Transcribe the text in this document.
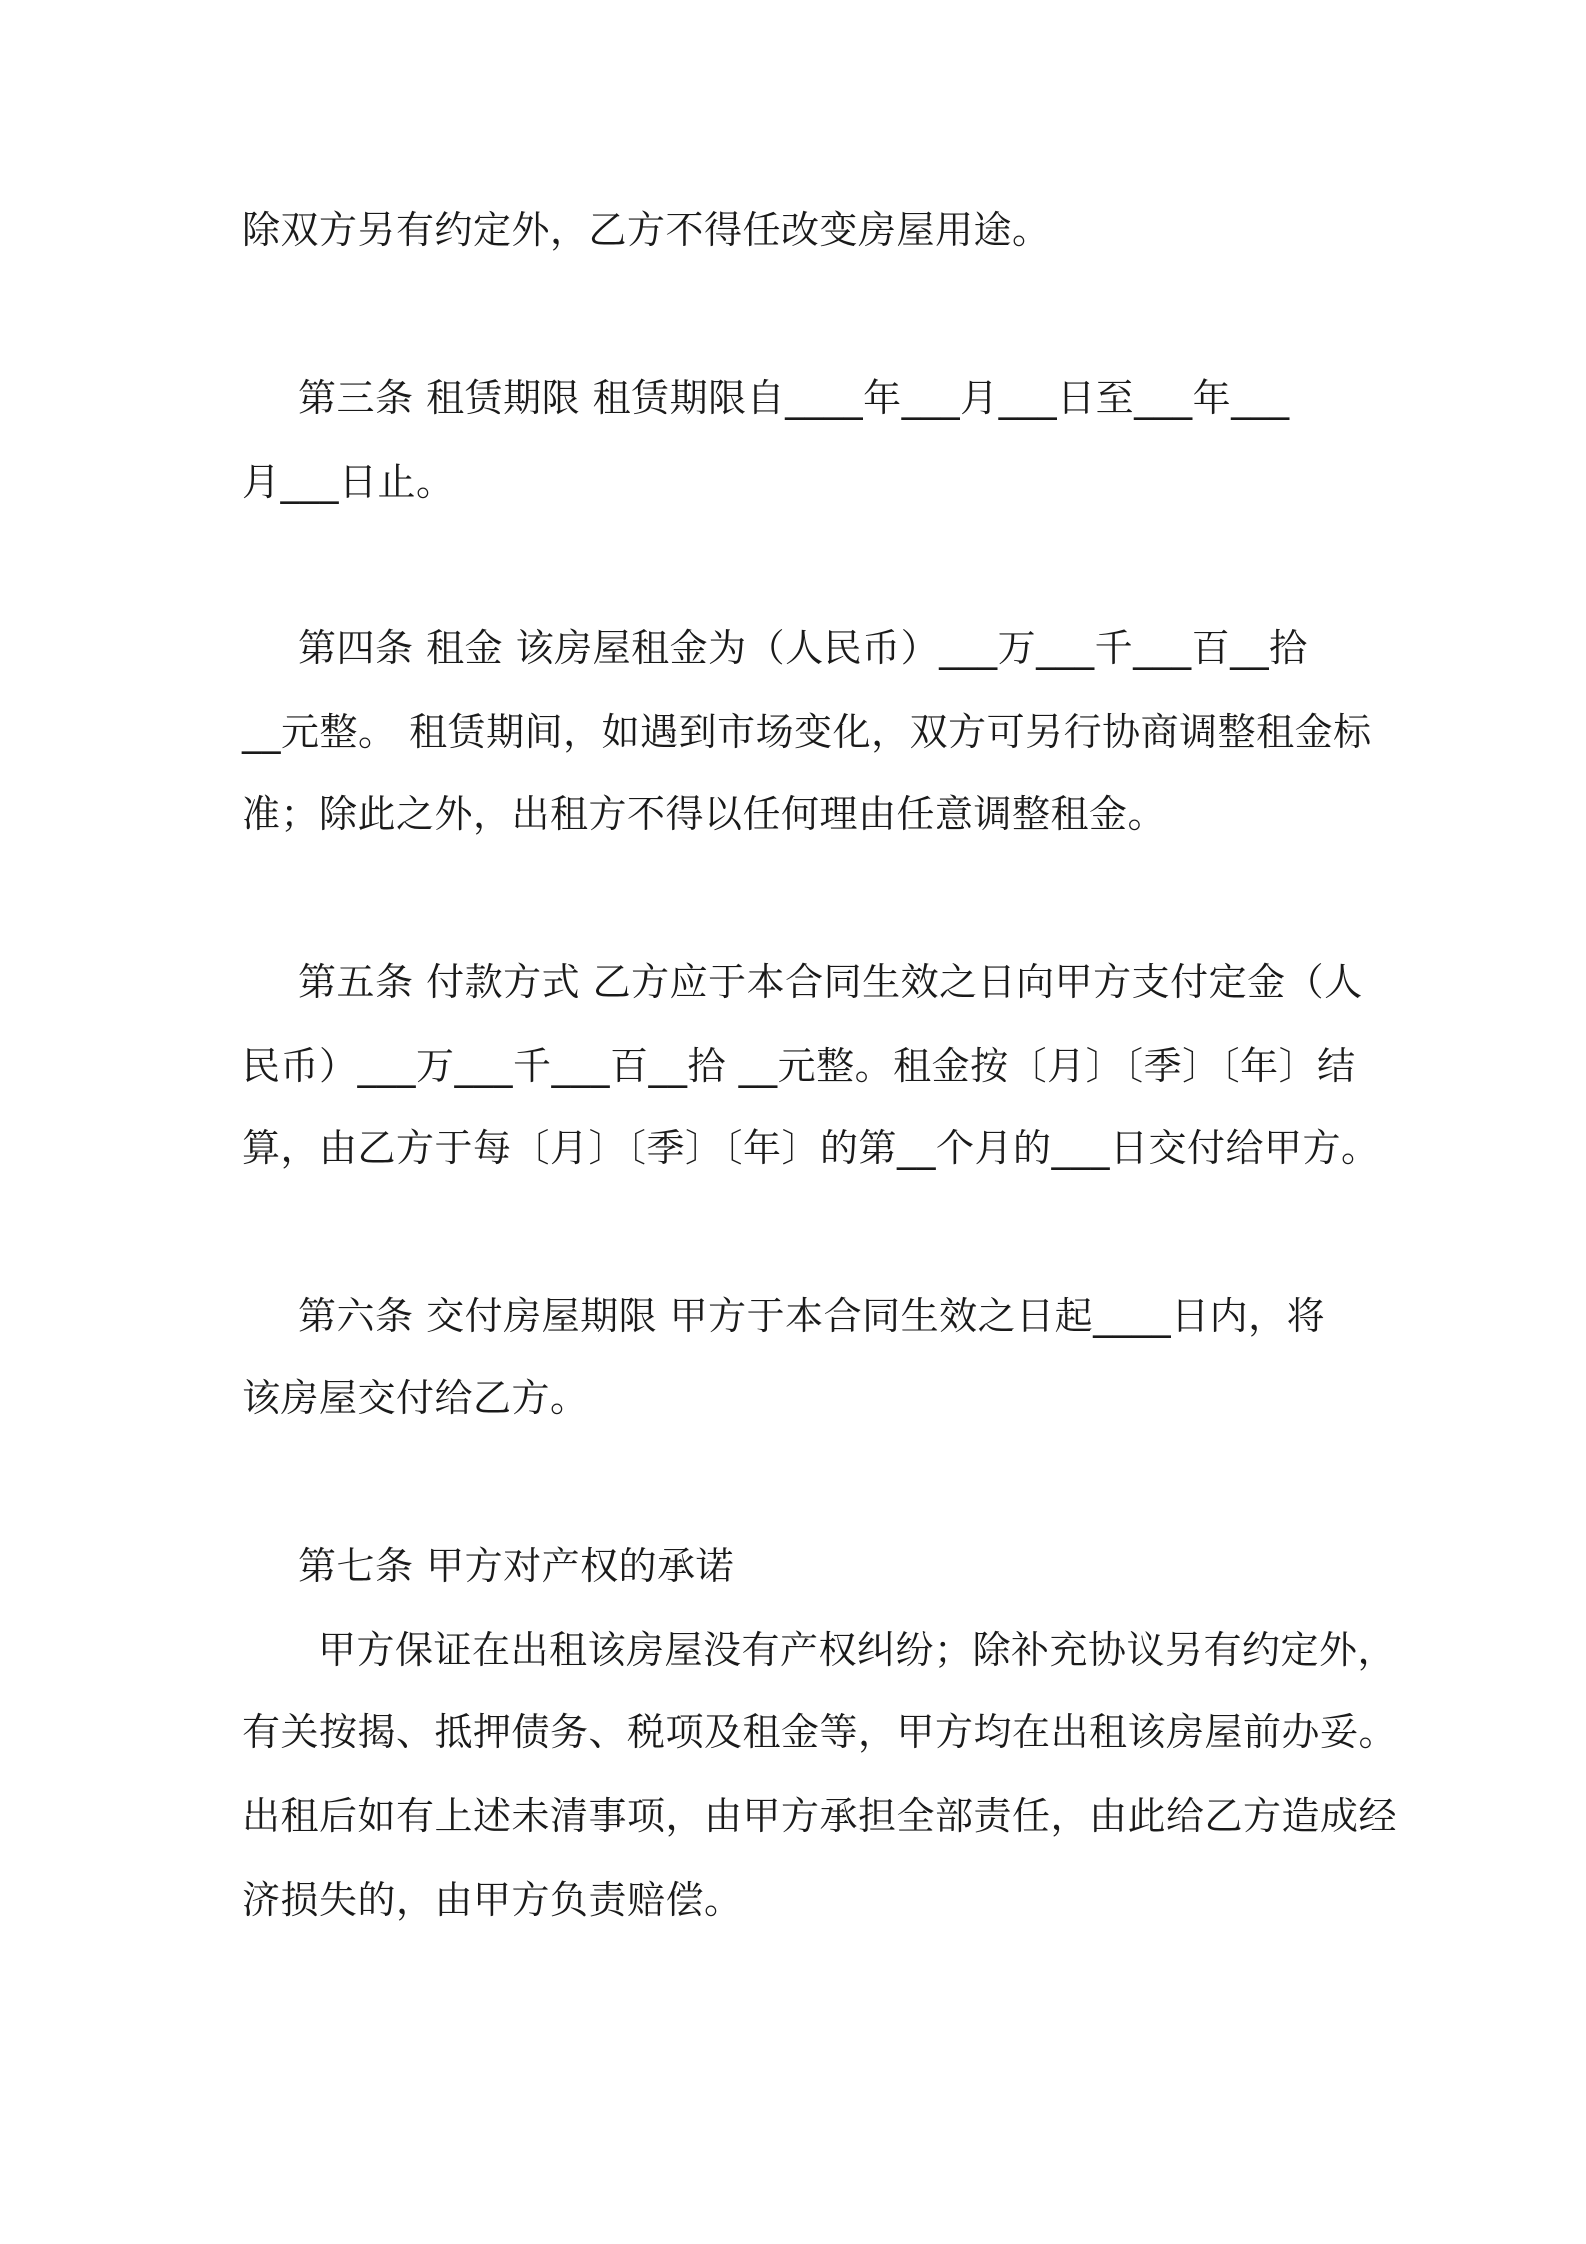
除双方另有约定外，乙方不得任改变房屋用途。
第三条 租赁期限 租赁期限自____年___月___日至___年___
月___日止。
第四条 租金 该房屋租金为（人民币）___万___千___百__拾
__元整。 租赁期间，如遇到市场变化，双方可另行协商调整租金标
准；除此之外，出租方不得以任何理由任意调整租金。
第五条 付款方式 乙方应于本合同生效之日向甲方支付定金（人
民币）___万___千___百__拾 __元整。租金按〔月〕〔季〕〔年〕结
算，由乙方于每〔月〕〔季〕〔年〕的第__个月的___日交付给甲方。
第六条 交付房屋期限 甲方于本合同生效之日起____日内，将
该房屋交付给乙方。
第七条 甲方对产权的承诺
甲方保证在出租该房屋没有产权纠纷；除补充协议另有约定外，
有关按揭、抵押债务、税项及租金等，甲方均在出租该房屋前办妥。
出租后如有上述未清事项，由甲方承担全部责任，由此给乙方造成经
济损失的，由甲方负责赔偿。
